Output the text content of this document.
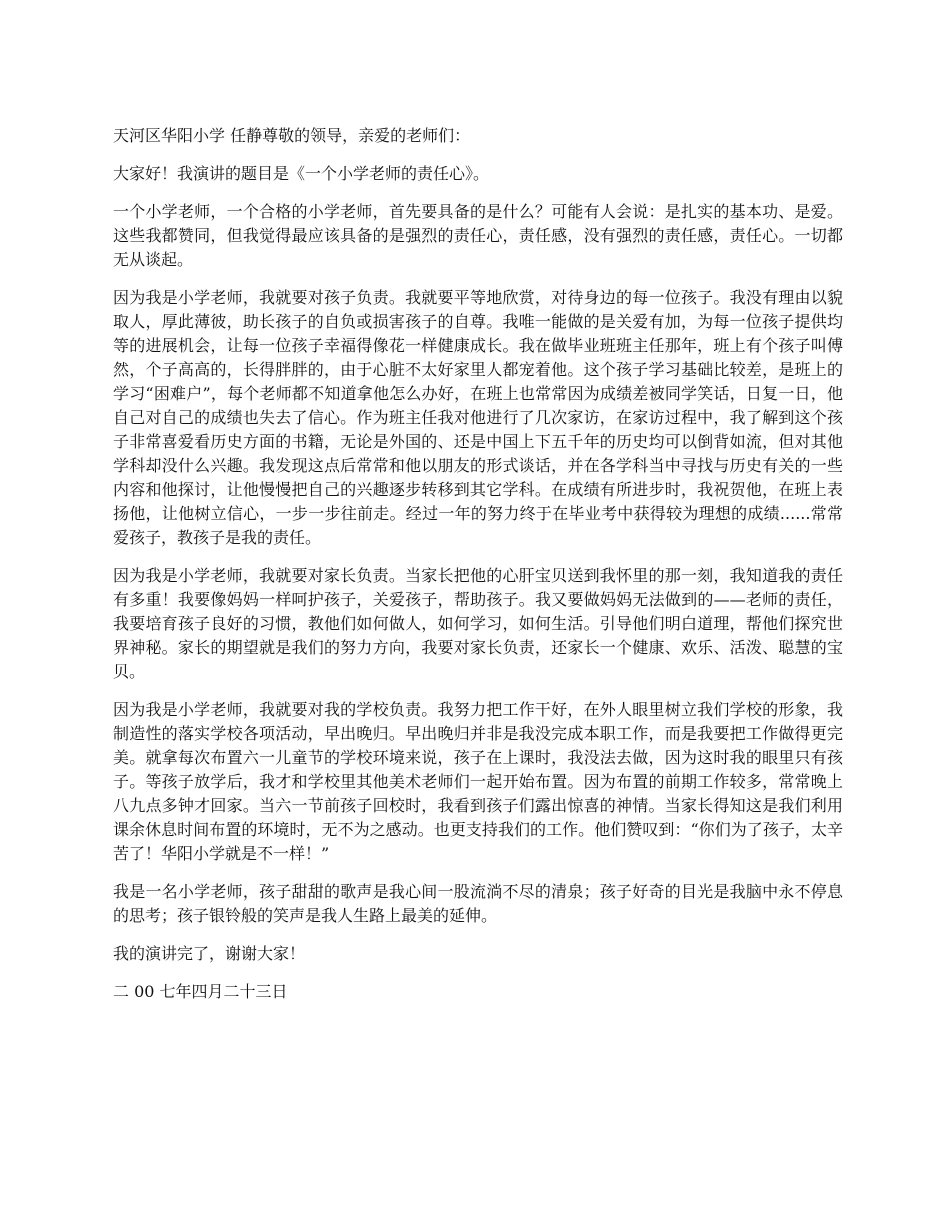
天河区华阳小学 任静尊敬的领导，亲爱的老师们：

大家好！我演讲的题目是《一个小学老师的责任心》。

一个小学老师，一个合格的小学老师，首先要具备的是什么？可能有人会说：是扎实的基本功、是爱。这些我都赞同，但我觉得最应该具备的是强烈的责任心，责任感，没有强烈的责任感，责任心。一切都无从谈起。

因为我是小学老师，我就要对孩子负责。我就要平等地欣赏，对待身边的每一位孩子。我没有理由以貌取人，厚此薄彼，助长孩子的自负或损害孩子的自尊。我唯一能做的是关爱有加，为每一位孩子提供均等的进展机会，让每一位孩子幸福得像花一样健康成长。我在做毕业班班主任那年，班上有个孩子叫傅然，个子高高的，长得胖胖的，由于心脏不太好家里人都宠着他。这个孩子学习基础比较差，是班上的学习“困难户”，每个老师都不知道拿他怎么办好，在班上也常常因为成绩差被同学笑话，日复一日，他自己对自己的成绩也失去了信心。作为班主任我对他进行了几次家访，在家访过程中，我了解到这个孩子非常喜爱看历史方面的书籍，无论是外国的、还是中国上下五千年的历史均可以倒背如流，但对其他学科却没什么兴趣。我发现这点后常常和他以朋友的形式谈话，并在各学科当中寻找与历史有关的一些内容和他探讨，让他慢慢把自己的兴趣逐步转移到其它学科。在成绩有所进步时，我祝贺他，在班上表扬他，让他树立信心，一步一步往前走。经过一年的努力终于在毕业考中获得较为理想的成绩......常常爱孩子，教孩子是我的责任。

因为我是小学老师，我就要对家长负责。当家长把他的心肝宝贝送到我怀里的那一刻，我知道我的责任有多重！我要像妈妈一样呵护孩子，关爱孩子，帮助孩子。我又要做妈妈无法做到的——老师的责任，我要培育孩子良好的习惯，教他们如何做人，如何学习，如何生活。引导他们明白道理，帮他们探究世界神秘。家长的期望就是我们的努力方向，我要对家长负责，还家长一个健康、欢乐、活泼、聪慧的宝贝。

因为我是小学老师，我就要对我的学校负责。我努力把工作干好，在外人眼里树立我们学校的形象，我制造性的落实学校各项活动，早出晚归。早出晚归并非是我没完成本职工作，而是我要把工作做得更完美。就拿每次布置六一儿童节的学校环境来说，孩子在上课时，我没法去做，因为这时我的眼里只有孩子。等孩子放学后，我才和学校里其他美术老师们一起开始布置。因为布置的前期工作较多，常常晚上八九点多钟才回家。当六一节前孩子回校时，我看到孩子们露出惊喜的神情。当家长得知这是我们利用课余休息时间布置的环境时，无不为之感动。也更支持我们的工作。他们赞叹到：“你们为了孩子，太辛苦了！华阳小学就是不一样！”

我是一名小学老师，孩子甜甜的歌声是我心间一股流淌不尽的清泉；孩子好奇的目光是我脑中永不停息的思考；孩子银铃般的笑声是我人生路上最美的延伸。

我的演讲完了，谢谢大家！

二 00 七年四月二十三日
